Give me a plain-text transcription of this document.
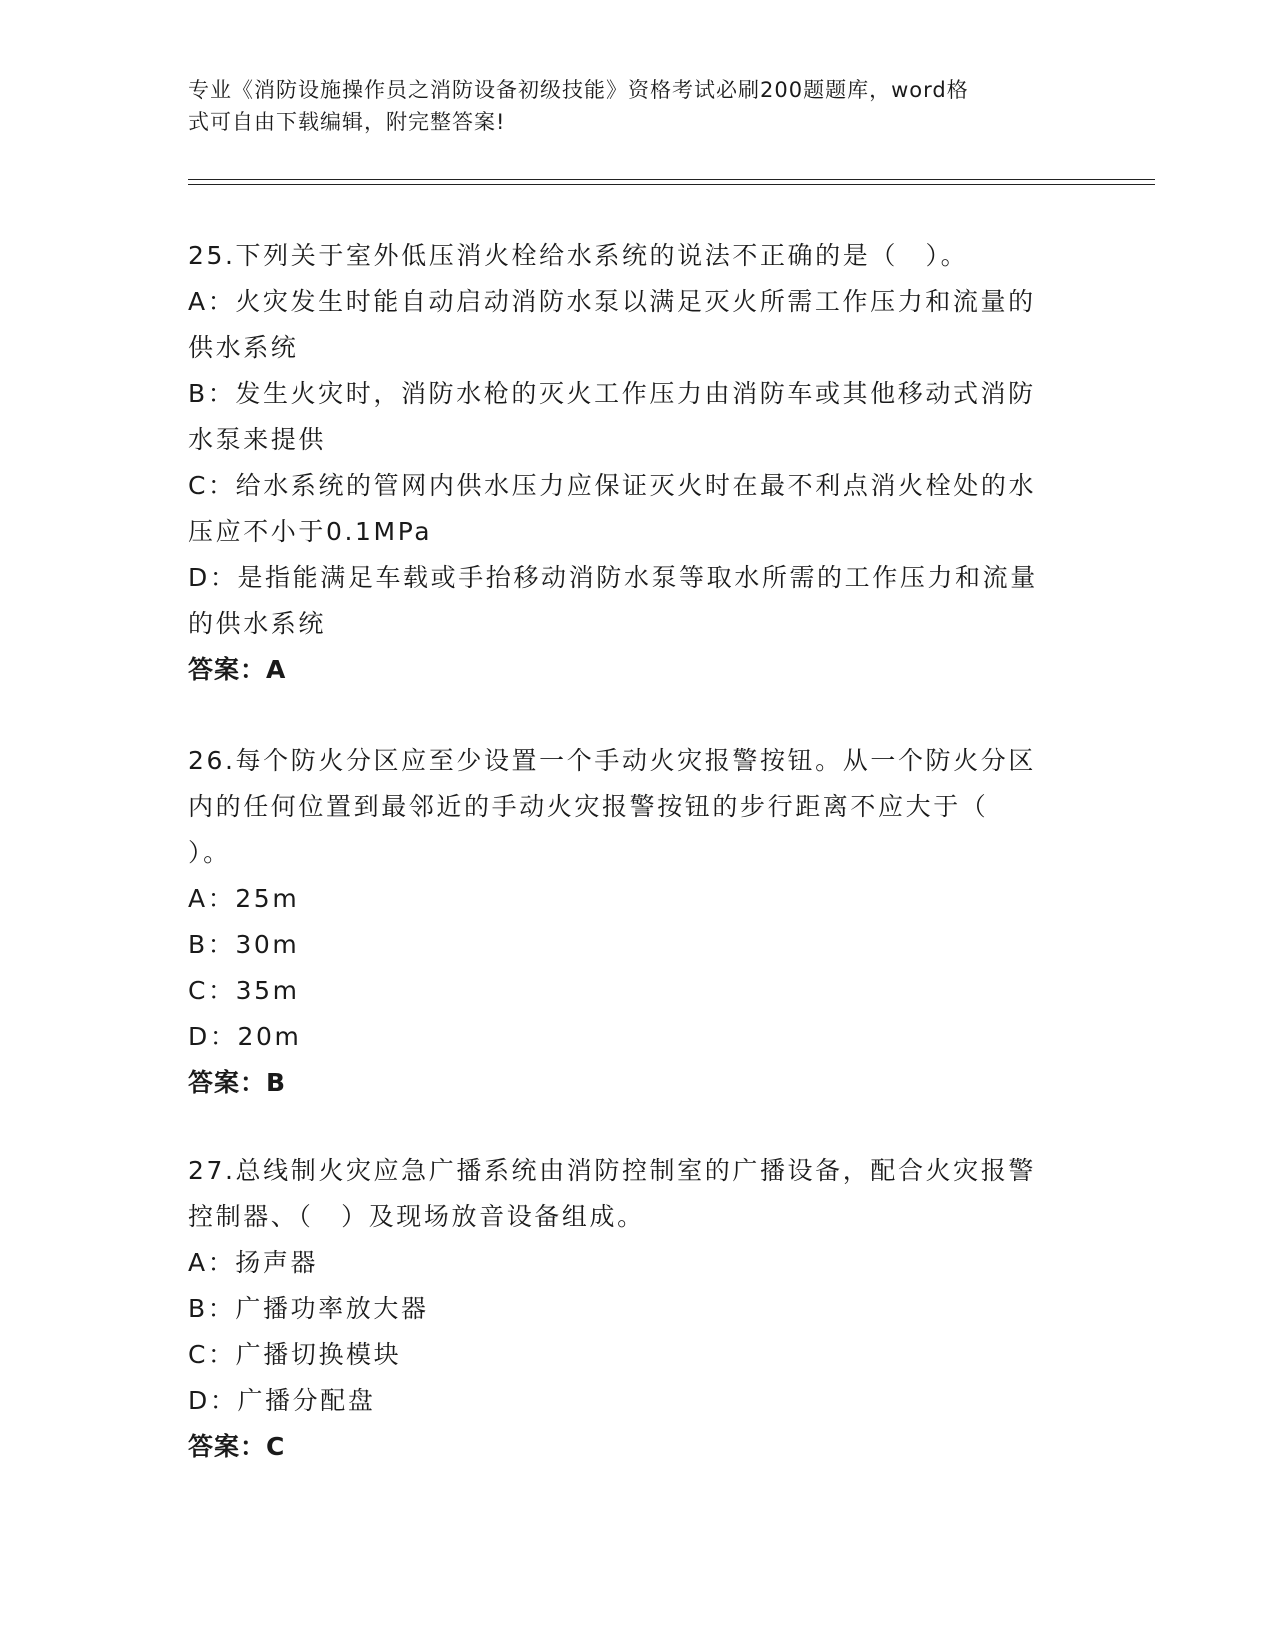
专业《消防设施操作员之消防设备初级技能》资格考试必刷200题题库，word格
式可自由下载编辑，附完整答案!
25.下列关于室外低压消火栓给水系统的说法不正确的是（　）。
A：火灾发生时能自动启动消防水泵以满足灭火所需工作压力和流量的
供水系统
B：发生火灾时，消防水枪的灭火工作压力由消防车或其他移动式消防
水泵来提供
C：给水系统的管网内供水压力应保证灭火时在最不利点消火栓处的水
压应不小于0.1MPa
D：是指能满足车载或手抬移动消防水泵等取水所需的工作压力和流量
的供水系统
答案：A
26.每个防火分区应至少设置一个手动火灾报警按钮。从一个防火分区
内的任何位置到最邻近的手动火灾报警按钮的步行距离不应大于（
）。
A：25m
B：30m
C：35m
D：20m
答案：B
27.总线制火灾应急广播系统由消防控制室的广播设备，配合火灾报警
控制器、（　）及现场放音设备组成。
A：扬声器
B：广播功率放大器
C：广播切换模块
D：广播分配盘
答案：C
